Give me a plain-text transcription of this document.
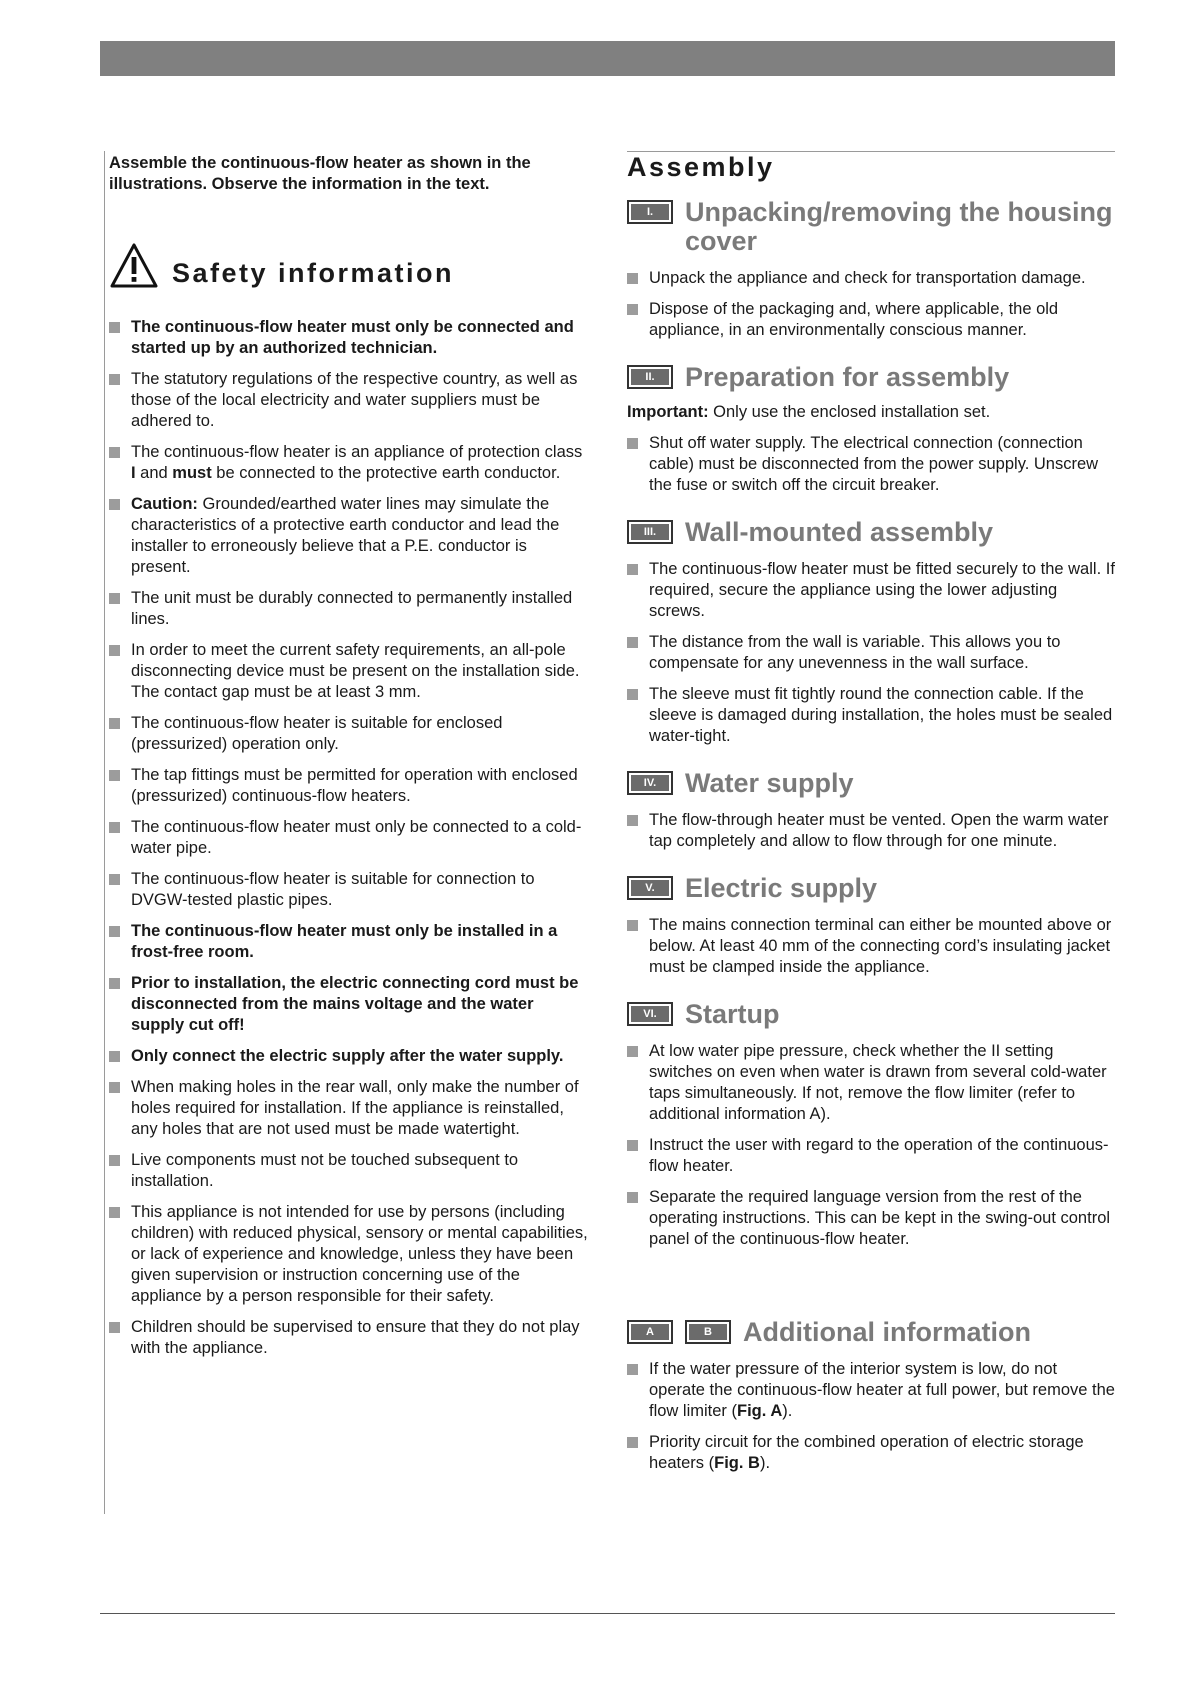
Assemble the continuous-flow heater as shown in the illustrations. Observe the information in the text.

Safety information
The continuous-flow heater must only be connected and started up by an authorized technician.
The statutory regulations of the respective country, as well as those of the local electricity and water suppliers must be adhered to.
The continuous-flow heater is an appliance of protection class I and must be connected to the protective earth conductor.
Caution: Grounded/earthed water lines may simulate the characteristics of a protective earth conductor and lead the installer to erroneously believe that a P.E. conductor is present.
The unit must be durably connected to permanently installed lines.
In order to meet the current safety requirements, an all-pole disconnecting device must be present on the installation side. The contact gap must be at least 3 mm.
The continuous-flow heater is suitable for enclosed (pressurized) operation only.
The tap fittings must be permitted for operation with enclosed (pressurized) continuous-flow heaters.
The continuous-flow heater must only be connected to a cold-water pipe.
The continuous-flow heater is suitable for connection to DVGW-tested plastic pipes.
The continuous-flow heater must only be installed in a frost-free room.
Prior to installation, the electric connecting cord must be disconnected from the mains voltage and the water supply cut off!
Only connect the electric supply after the water supply.
When making holes in the rear wall, only make the number of holes required for installation. If the appliance is reinstalled, any holes that are not used must be made watertight.
Live components must not be touched subsequent to installation.
This appliance is not intended for use by persons (including children) with reduced physical, sensory or mental capabilities, or lack of experience and knowledge, unless they have been given supervision or instruction concerning use of the appliance by a person responsible for their safety.
Children should be supervised to ensure that they do not play with the appliance.
Assembly
I.	Unpacking/removing the housing cover
Unpack the appliance and check for transportation damage.
Dispose of the packaging and, where applicable, the old appliance, in an environmentally conscious manner.
II.	Preparation for assembly

Important: Only use the enclosed installation set.

Shut off water supply. The electrical connection (connection cable) must be disconnected from the power supply. Unscrew the fuse or switch off the circuit breaker.
III.	Wall-mounted assembly
The continuous-flow heater must be fitted securely to the wall. If required, secure the appliance using the lower adjusting screws.
The distance from the wall is variable. This allows you to compensate for any unevenness in the wall surface.
The sleeve must fit tightly round the connection cable. If the sleeve is damaged during installation, the holes must be sealed water-tight.
IV.	Water supply
The flow-through heater must be vented. Open the warm water tap completely and allow to flow through for one minute.
V.	Electric supply
The mains connection terminal can either be mounted above or below. At least 40 mm of the connecting cord’s insulating jacket must be clamped inside the appliance.
VI.	Startup
At low water pipe pressure, check whether the II setting switches on even when water is drawn from several cold-water taps simultaneously. If not, remove the flow limiter (refer to additional information A).
Instruct the user with regard to the operation of the continuous-flow heater.
Separate the required language version from the rest of the operating instructions. This can be kept in the swing-out control panel of the continuous-flow heater.
A	B	Additional information
If the water pressure of the interior system is low, do not operate the continuous-flow heater at full power, but remove the flow limiter (Fig. A).
Priority circuit for the combined operation of electric storage heaters (Fig. B).
